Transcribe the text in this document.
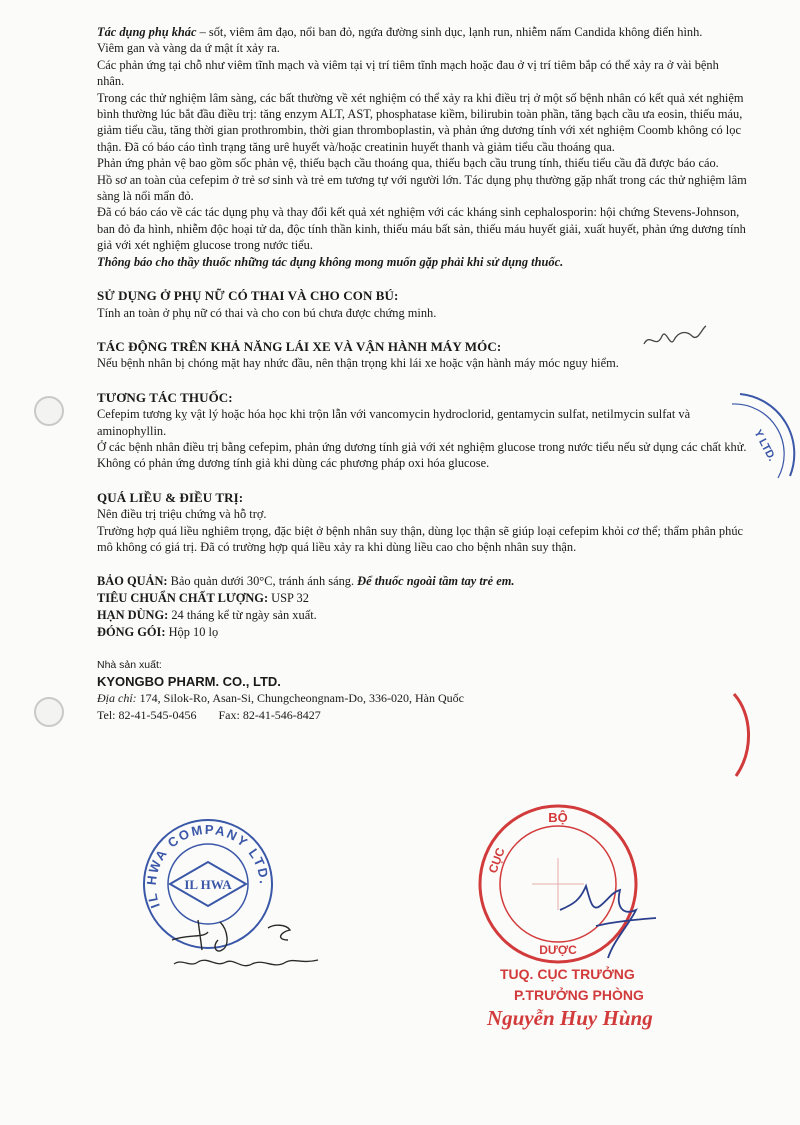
Tác dụng phụ khác – sốt, viêm âm đạo, nổi ban đỏ, ngứa đường sinh dục, lạnh run, nhiễm nấm Candida không điển hình.

Viêm gan và vàng da ứ mật ít xảy ra.

Các phản ứng tại chỗ như viêm tĩnh mạch và viêm tại vị trí tiêm tĩnh mạch hoặc đau ở vị trí tiêm bắp có thể xảy ra ở vài bệnh nhân.

Trong các thử nghiệm lâm sàng, các bất thường về xét nghiệm có thể xảy ra khi điều trị ở một số bệnh nhân có kết quả xét nghiệm bình thường lúc bắt đầu điều trị: tăng enzym ALT, AST, phosphatase kiềm, bilirubin toàn phần, tăng bạch cầu ưa eosin, thiếu máu, giảm tiểu cầu, tăng thời gian prothrombin, thời gian thromboplastin, và phản ứng dương tính với xét nghiệm Coomb không có lọc thận. Đã có báo cáo tình trạng tăng urê huyết và/hoặc creatinin huyết thanh và giảm tiểu cầu thoáng qua.

Phản ứng phản vệ bao gồm sốc phản vệ, thiếu bạch cầu thoáng qua, thiếu bạch cầu trung tính, thiếu tiểu cầu đã được báo cáo.

Hồ sơ an toàn của cefepim ở trẻ sơ sinh và trẻ em tương tự với người lớn. Tác dụng phụ thường gặp nhất trong các thử nghiệm lâm sàng là nổi mẩn đỏ.

Đã có báo cáo về các tác dụng phụ và thay đổi kết quả xét nghiệm với các kháng sinh cephalosporin: hội chứng Stevens-Johnson, ban đỏ đa hình, nhiễm độc hoại tử da, độc tính thần kinh, thiếu máu bất sản, thiếu máu huyết giải, xuất huyết, phản ứng dương tính giả với xét nghiệm glucose trong nước tiểu.

Thông báo cho thầy thuốc những tác dụng không mong muốn gặp phải khi sử dụng thuốc.

SỬ DỤNG Ở PHỤ NỮ CÓ THAI VÀ CHO CON BÚ:

Tính an toàn ở phụ nữ có thai và cho con bú chưa được chứng minh.

TÁC ĐỘNG TRÊN KHẢ NĂNG LÁI XE VÀ VẬN HÀNH MÁY MÓC:

Nếu bệnh nhân bị chóng mặt hay nhức đầu, nên thận trọng khi lái xe hoặc vận hành máy móc nguy hiểm.

TƯƠNG TÁC THUỐC:

Cefepim tương kỵ vật lý hoặc hóa học khi trộn lẫn với vancomycin hydroclorid, gentamycin sulfat, netilmycin sulfat và aminophyllin.

Ở các bệnh nhân điều trị bằng cefepim, phản ứng dương tính giả với xét nghiệm glucose trong nước tiểu nếu sử dụng các chất khử. Không có phản ứng dương tính giả khi dùng các phương pháp oxi hóa glucose.

QUÁ LIỀU & ĐIỀU TRỊ:

Nên điều trị triệu chứng và hỗ trợ.

Trường hợp quá liều nghiêm trọng, đặc biệt ở bệnh nhân suy thận, dùng lọc thận sẽ giúp loại cefepim khỏi cơ thể; thẩm phân phúc mô không có giá trị. Đã có trường hợp quá liều xảy ra khi dùng liều cao cho bệnh nhân suy thận.

BẢO QUẢN: Bảo quản dưới 30°C, tránh ánh sáng. Để thuốc ngoài tầm tay trẻ em.

TIÊU CHUẨN CHẤT LƯỢNG: USP 32

HẠN DÙNG: 24 tháng kể từ ngày sản xuất.

ĐÓNG GÓI: Hộp 10 lọ

Nhà sản xuất:

KYONGBO PHARM. CO., LTD.

Địa chỉ: 174, Silok-Ro, Asan-Si, Chungcheongnam-Do, 336-020, Hàn Quốc

Tel: 82-41-545-0456 Fax: 82-41-546-8427

Y LTD.
IL HWA COMPANY LTD.
IL HWA
BỘ
CỤC
DƯỢC
TUQ. CỤC TRƯỞNG
P.TRƯỞNG PHÒNG
Nguyễn Huy Hùng
